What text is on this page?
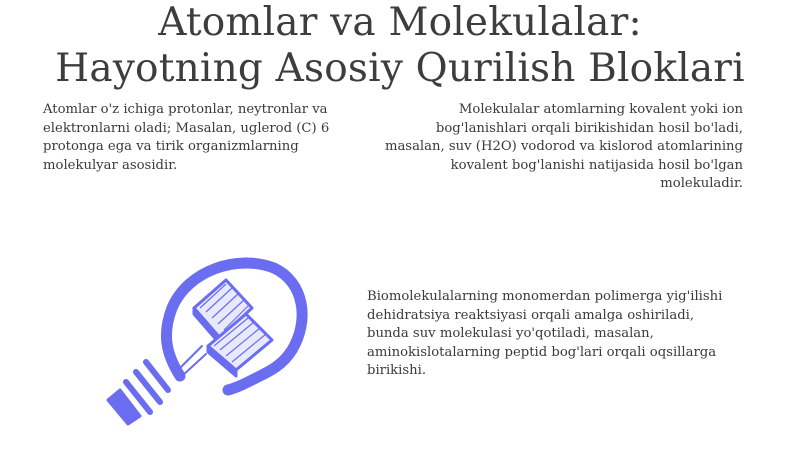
Atomlar va Molekulalar:
Hayotning Asosiy Qurilish Bloklari

Atomlar o'z ichiga protonlar, neytronlar va elektronlarni oladi; Masalan, uglerod (C) 6 protonga ega va tirik organizmlarning molekulyar asosidir.

Molekulalar atomlarning kovalent yoki ion bog'lanishlari orqali birikishidan hosil bo'ladi, masalan, suv (H2O) vodorod va kislorod atomlarining kovalent bog'lanishi natijasida hosil bo'lgan molekuladir.

Biomolekulalarning monomerdan polimerga yig'ilishi dehidratsiya reaktsiyasi orqali amalga oshiriladi, bunda suv molekulasi yo'qotiladi, masalan, aminokislotalarning peptid bog'lari orqali oqsillarga birikishi.
